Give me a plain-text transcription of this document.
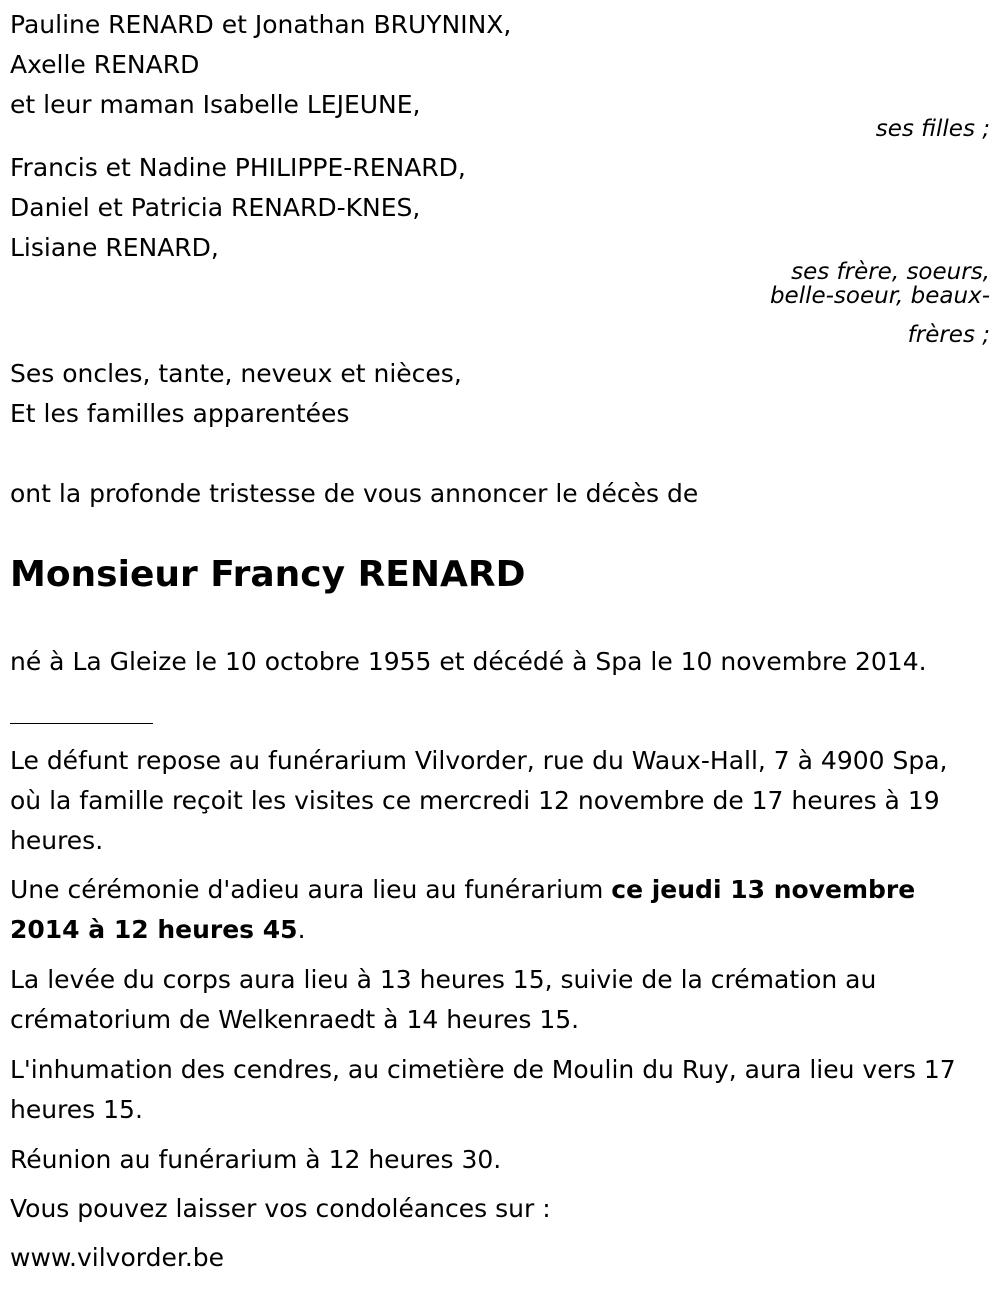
Pauline RENARD et Jonathan BRUYNINX,
Axelle RENARD
et leur maman Isabelle LEJEUNE,
ses filles ;
Francis et Nadine PHILIPPE-RENARD,
Daniel et Patricia RENARD-KNES,
Lisiane RENARD,
ses frère, soeurs,
belle-soeur, beaux-
frères ;
Ses oncles, tante, neveux et nièces,
Et les familles apparentées
ont la profonde tristesse de vous annoncer le décès de
Monsieur Francy RENARD
né à La Gleize le 10 octobre 1955 et décédé à Spa le 10 novembre 2014.
Le défunt repose au funérarium Vilvorder, rue du Waux-Hall, 7 à 4900 Spa, où la famille reçoit les visites ce mercredi 12 novembre de 17 heures à 19 heures.
Une cérémonie d'adieu aura lieu au funérarium ce jeudi 13 novembre 2014 à 12 heures 45.
La levée du corps aura lieu à 13 heures 15, suivie de la crémation au crématorium de Welkenraedt à 14 heures 15.
L'inhumation des cendres, au cimetière de Moulin du Ruy, aura lieu vers 17 heures 15.
Réunion au funérarium à 12 heures 30.
Vous pouvez laisser vos condoléances sur :
www.vilvorder.be
